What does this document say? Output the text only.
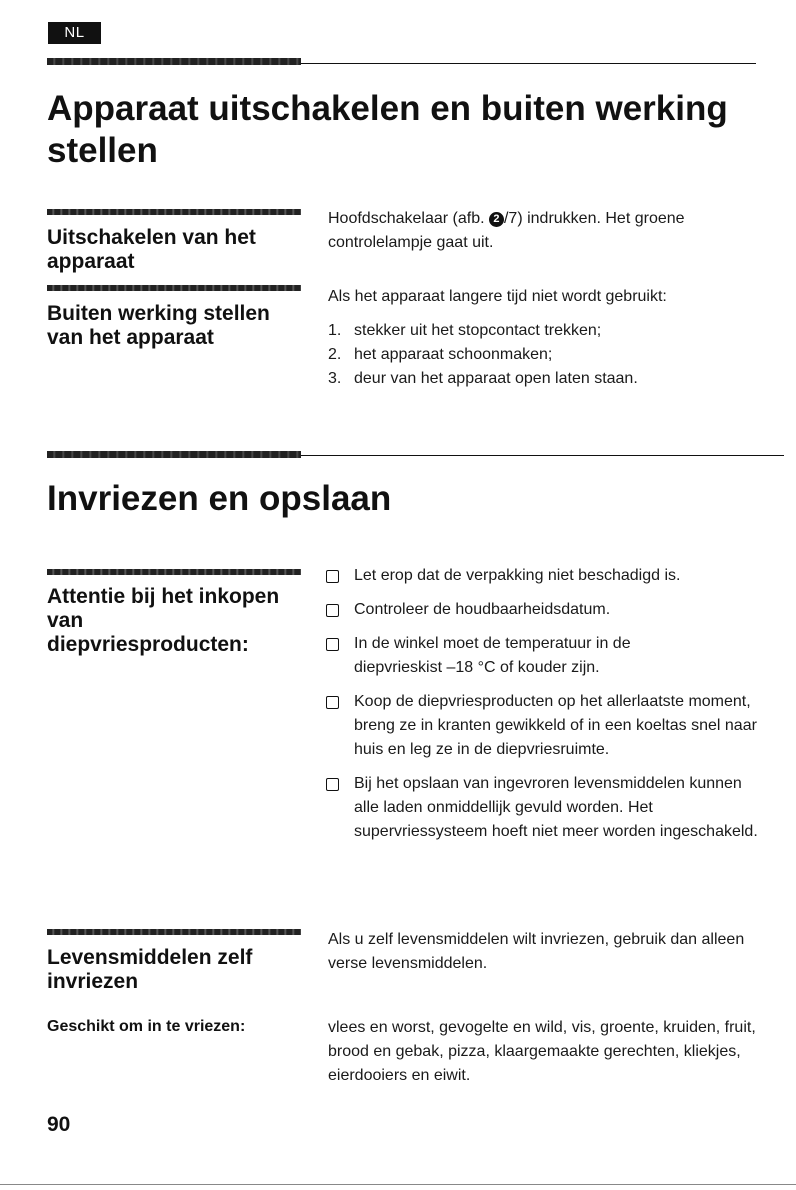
NL
Apparaat uitschakelen en buiten werking stellen
Uitschakelen van het apparaat
Hoofdschakelaar (afb. 2 /7) indrukken. Het groene controlelampje gaat uit.
Buiten werking stellen van het apparaat
Als het apparaat langere tijd niet wordt gebruikt:
1. stekker uit het stopcontact trekken;
2. het apparaat schoonmaken;
3. deur van het apparaat open laten staan.
Invriezen en opslaan
Attentie bij het inkopen van diepvriesproducten:
Let erop dat de verpakking niet beschadigd is.
Controleer de houdbaarheidsdatum.
In de winkel moet de temperatuur in de diepvrieskist –18 °C of kouder zijn.
Koop de diepvriesproducten op het allerlaatste moment, breng ze in kranten gewikkeld of in een koeltas snel naar huis en leg ze in de diepvriesruimte.
Bij het opslaan van ingevroren levensmiddelen kunnen alle laden onmiddellijk gevuld worden. Het supervriessysteem hoeft niet meer worden ingeschakeld.
Levensmiddelen zelf invriezen
Als u zelf levensmiddelen wilt invriezen, gebruik dan alleen verse levensmiddelen.
Geschikt om in te vriezen:	vlees en worst, gevogelte en wild, vis, groente, kruiden, fruit, brood en gebak, pizza, klaargemaakte gerechten, kliekjes, eierdooiers en eiwit.
90
